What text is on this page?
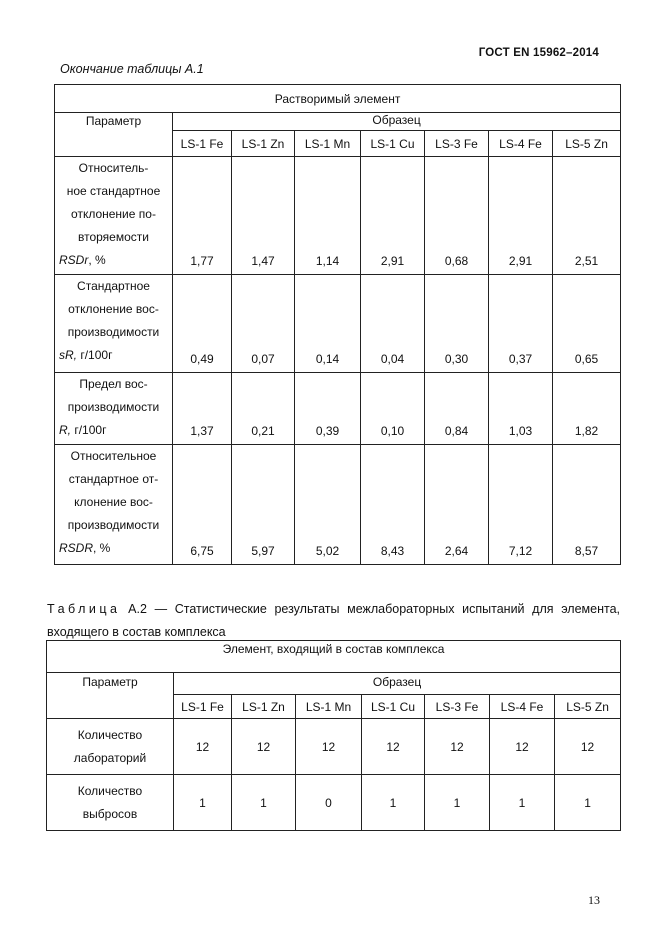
ГОСТ EN 15962–2014
Окончание таблицы А.1
Растворимый элемент							
Параметр	Образец						
	LS-1 Fe	LS-1 Zn	LS-1 Mn	LS-1 Cu	LS-3 Fe	LS-4 Fe	LS-5 Zn

Относитель-
ное стандартное
отклонение по-
вторяемости
RSDr, %	1,77	1,47	1,14	2,91	0,68	2,91	2,51

Стандартное
отклонение вос-
производимости
sR, г/100г	0,49	0,07	0,14	0,04	0,30	0,37	0,65

Предел вос-
производимости
R, г/100г	1,37	0,21	0,39	0,10	0,84	1,03	1,82

Относительное
стандартное от-
клонение вос-
производимости
RSDR, %	6,75	5,97	5,02	8,43	2,64	7,12	8,57
Таблица А.2 — Статистические результаты межлабораторных испытаний для элемента, входящего в состав комплекса
Элемент, входящий в состав комплекса							
Параметр	Образец						
	LS-1 Fe	LS-1 Zn	LS-1 Mn	LS-1 Cu	LS-3 Fe	LS-4 Fe	LS-5 Zn

Количество
лабораторий	12	12	12	12	12	12	12

Количество
выбросов	1	1	0	1	1	1	1
13
